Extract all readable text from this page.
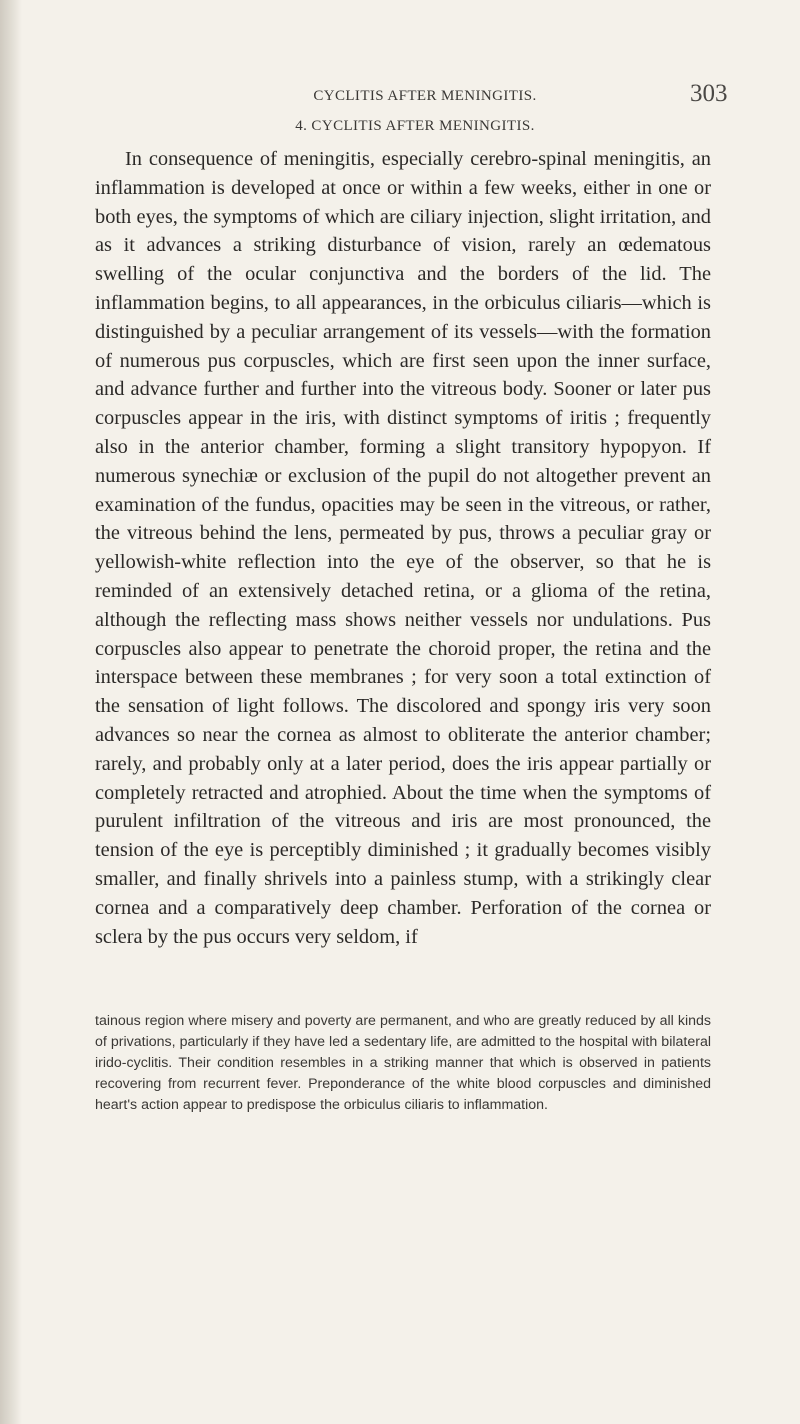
CYCLITIS AFTER MENINGITIS.	303
4. CYCLITIS AFTER MENINGITIS.

In consequence of meningitis, especially cerebro-spinal meningitis, an inflammation is developed at once or within a few weeks, either in one or both eyes, the symptoms of which are ciliary injection, slight irritation, and as it advances a striking disturbance of vision, rarely an œdematous swelling of the ocular conjunctiva and the borders of the lid. The inflammation begins, to all appearances, in the orbiculus ciliaris—which is distinguished by a peculiar arrangement of its vessels—with the formation of numerous pus corpuscles, which are first seen upon the inner surface, and advance further and further into the vitreous body. Sooner or later pus corpuscles appear in the iris, with distinct symptoms of iritis ; frequently also in the anterior chamber, forming a slight transitory hypopyon. If numerous synechiæ or exclusion of the pupil do not altogether prevent an examination of the fundus, opacities may be seen in the vitreous, or rather, the vitreous behind the lens, permeated by pus, throws a peculiar gray or yellowish-white reflection into the eye of the observer, so that he is reminded of an extensively detached retina, or a glioma of the retina, although the reflecting mass shows neither vessels nor undulations. Pus corpuscles also appear to penetrate the choroid proper, the retina and the interspace between these membranes ; for very soon a total extinction of the sensation of light follows. The discolored and spongy iris very soon advances so near the cornea as almost to obliterate the anterior chamber; rarely, and probably only at a later period, does the iris appear partially or completely retracted and atrophied. About the time when the symptoms of purulent infiltration of the vitreous and iris are most pronounced, the tension of the eye is perceptibly diminished ; it gradually becomes visibly smaller, and finally shrivels into a painless stump, with a strikingly clear cornea and a comparatively deep chamber. Perforation of the cornea or sclera by the pus occurs very seldom, if

tainous region where misery and poverty are permanent, and who are greatly reduced by all kinds of privations, particularly if they have led a sedentary life, are admitted to the hospital with bilateral irido-cyclitis. Their condition resembles in a striking manner that which is observed in patients recovering from recurrent fever. Preponderance of the white blood corpuscles and diminished heart's action appear to predispose the orbiculus ciliaris to inflammation.
